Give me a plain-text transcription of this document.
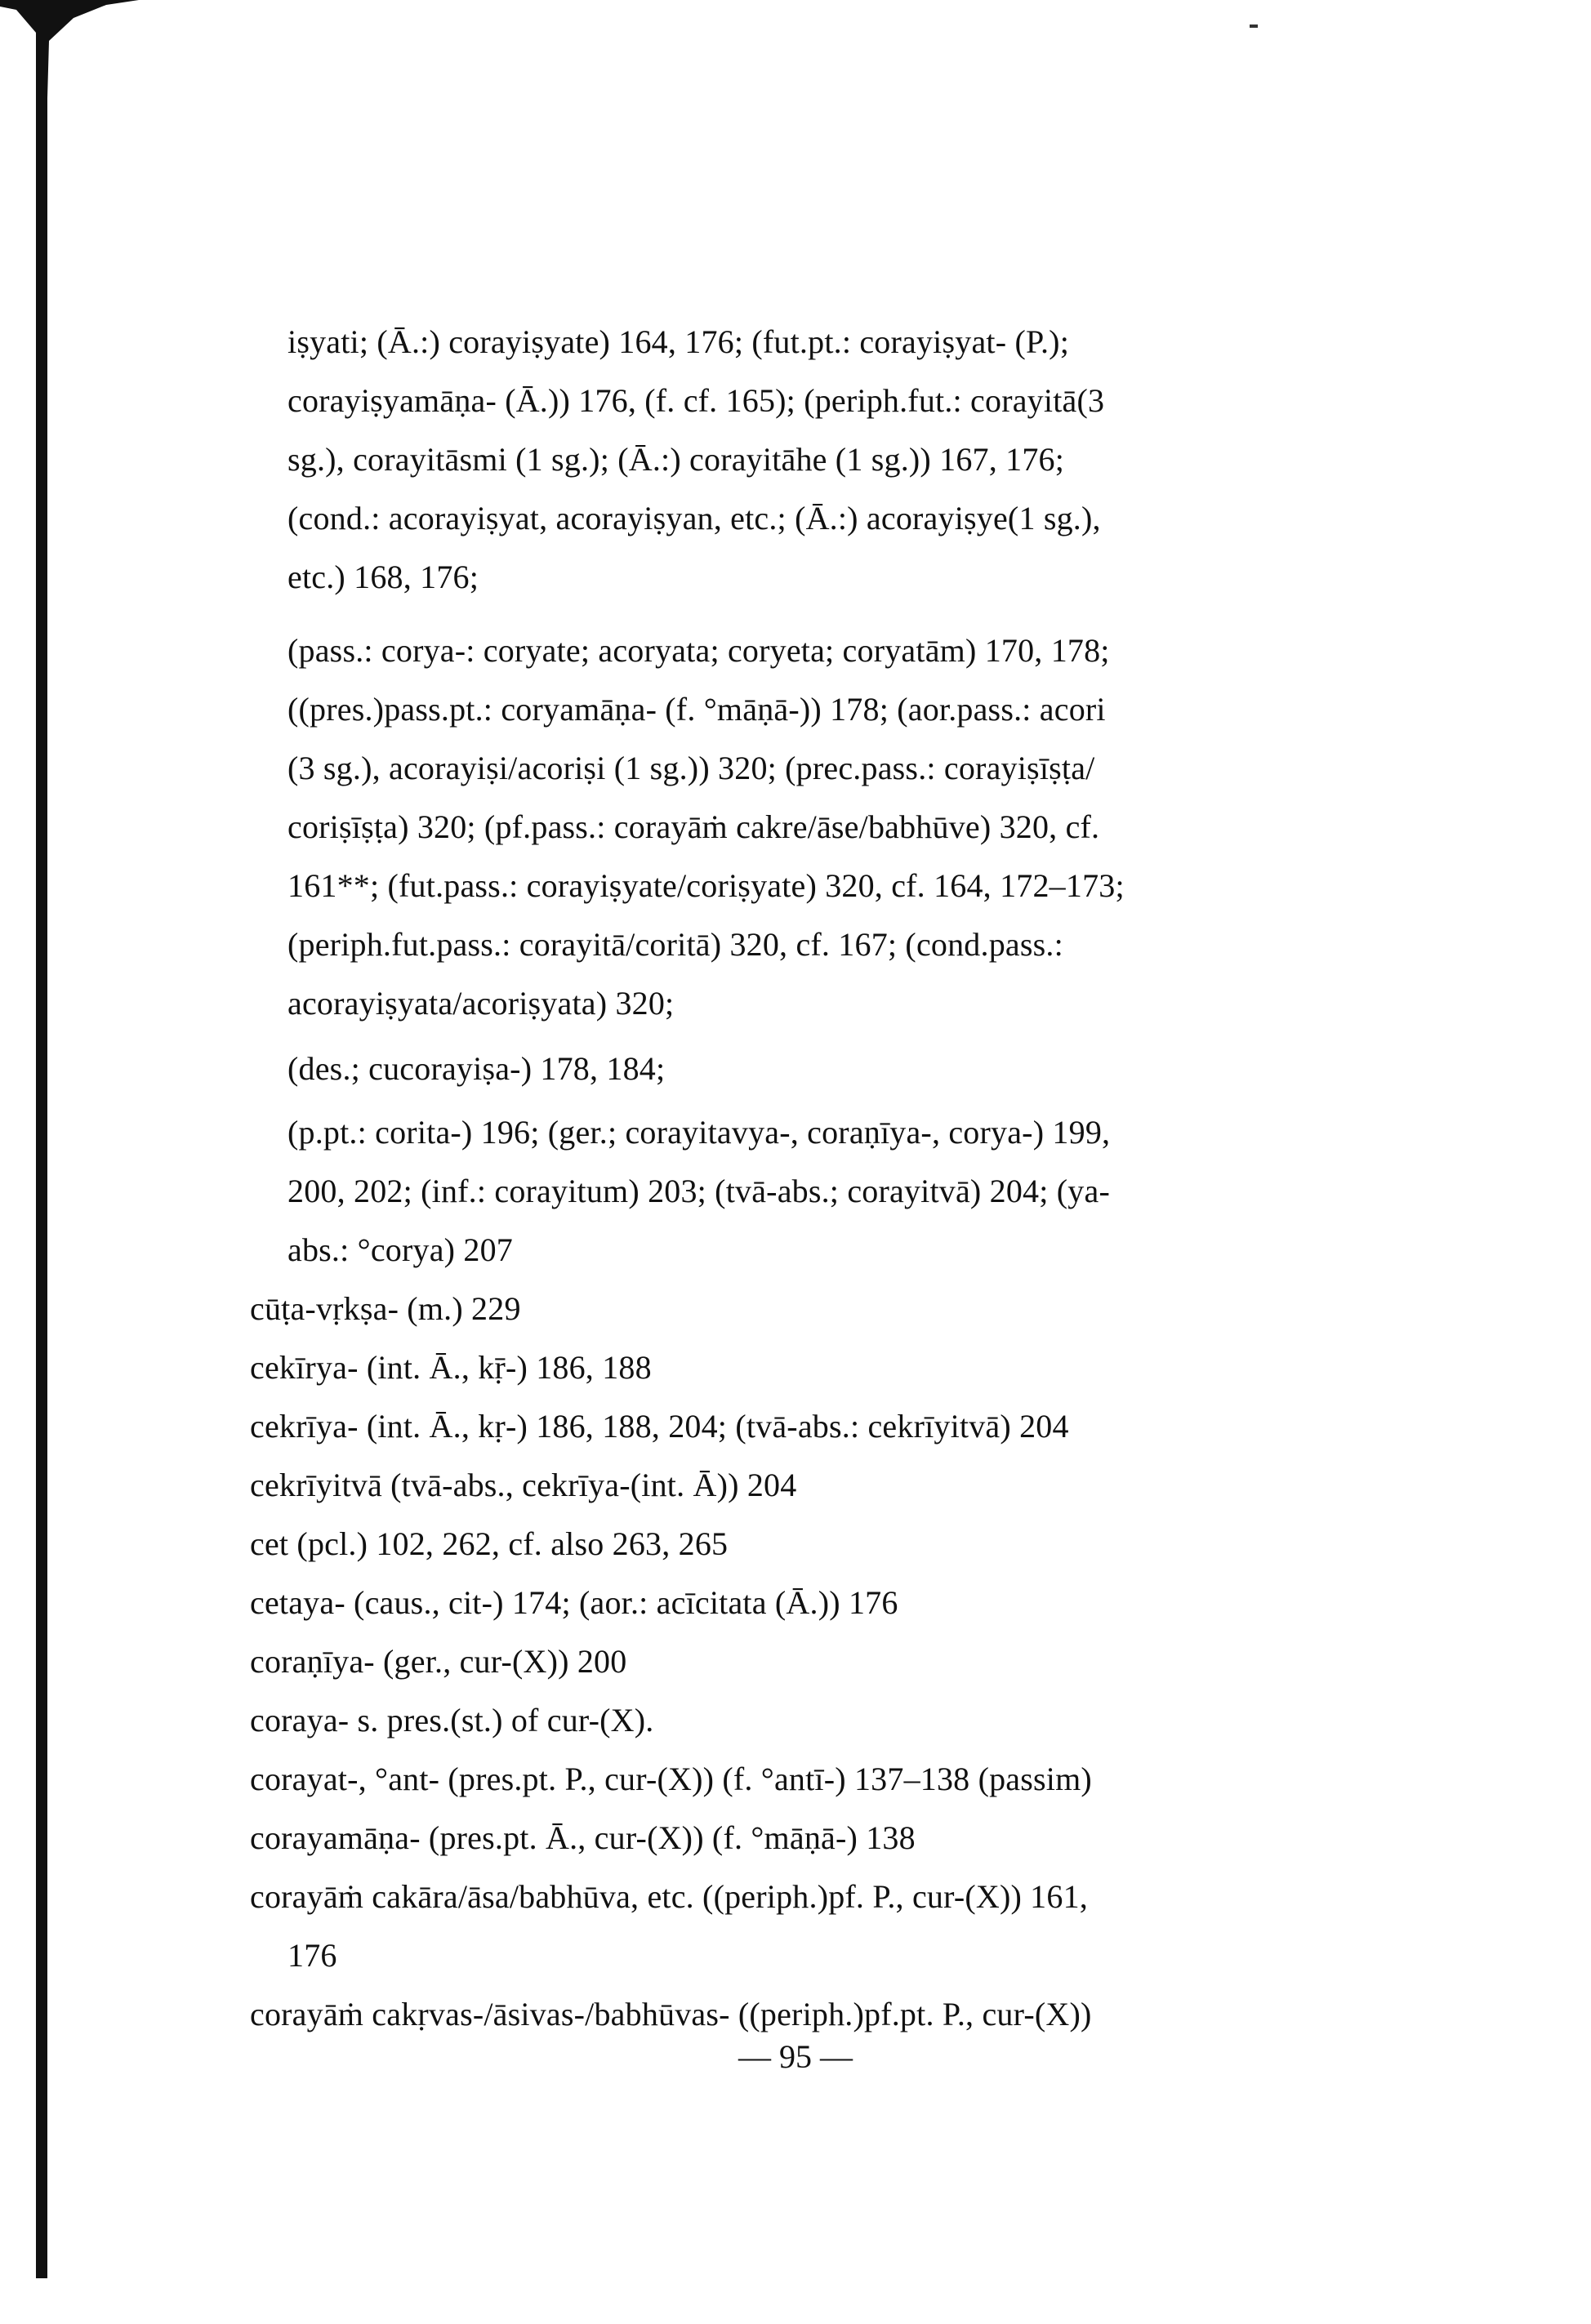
iṣyati; (Ā.:) corayiṣyate) 164, 176; (fut.pt.: corayiṣyat- (P.);
corayiṣyamāṇa- (Ā.)) 176, (f. cf. 165); (periph.fut.: corayitā(3
sg.), corayitāsmi (1 sg.); (Ā.:) corayitāhe (1 sg.)) 167, 176;
(cond.: acorayiṣyat, acorayiṣyan, etc.; (Ā.:) acorayiṣye(1 sg.),
etc.) 168, 176;
(pass.: corya-: coryate; acoryata; coryeta; coryatām) 170, 178;
((pres.)pass.pt.: coryamāṇa- (f. °māṇā-)) 178; (aor.pass.: acori
(3 sg.), acorayiṣi/acoriṣi (1 sg.)) 320; (prec.pass.: corayiṣīṣṭa/
coriṣīṣṭa) 320; (pf.pass.: corayāṁ cakre/āse/babhūve) 320, cf.
161**; (fut.pass.: corayiṣyate/coriṣyate) 320, cf. 164, 172–173;
(periph.fut.pass.: corayitā/coritā) 320, cf. 167; (cond.pass.:
acorayiṣyata/acoriṣyata) 320;
(des.; cucorayiṣa-) 178, 184;
(p.pt.: corita-) 196; (ger.; corayitavya-, coraṇīya-, corya-) 199,
200, 202; (inf.: corayitum) 203; (tvā-abs.; corayitvā) 204; (ya-
abs.: °corya) 207
cūṭa-vṛkṣa- (m.) 229
cekīrya- (int. Ā., kṝ-) 186, 188
cekrīya- (int. Ā., kṛ-) 186, 188, 204; (tvā-abs.: cekrīyitvā) 204
cekrīyitvā (tvā-abs., cekrīya-(int. Ā)) 204
cet (pcl.) 102, 262, cf. also 263, 265
cetaya- (caus., cit-) 174; (aor.: acīcitata (Ā.)) 176
coraṇīya- (ger., cur-(X)) 200
coraya- s. pres.(st.) of cur-(X).
corayat-, °ant- (pres.pt. P., cur-(X)) (f. °antī-) 137–138 (passim)
corayamāṇa- (pres.pt. Ā., cur-(X)) (f. °māṇā-) 138
corayāṁ cakāra/āsa/babhūva, etc. ((periph.)pf. P., cur-(X)) 161,
176
corayāṁ cakṛvas-/āsivas-/babhūvas- ((periph.)pf.pt. P., cur-(X))
— 95 —
